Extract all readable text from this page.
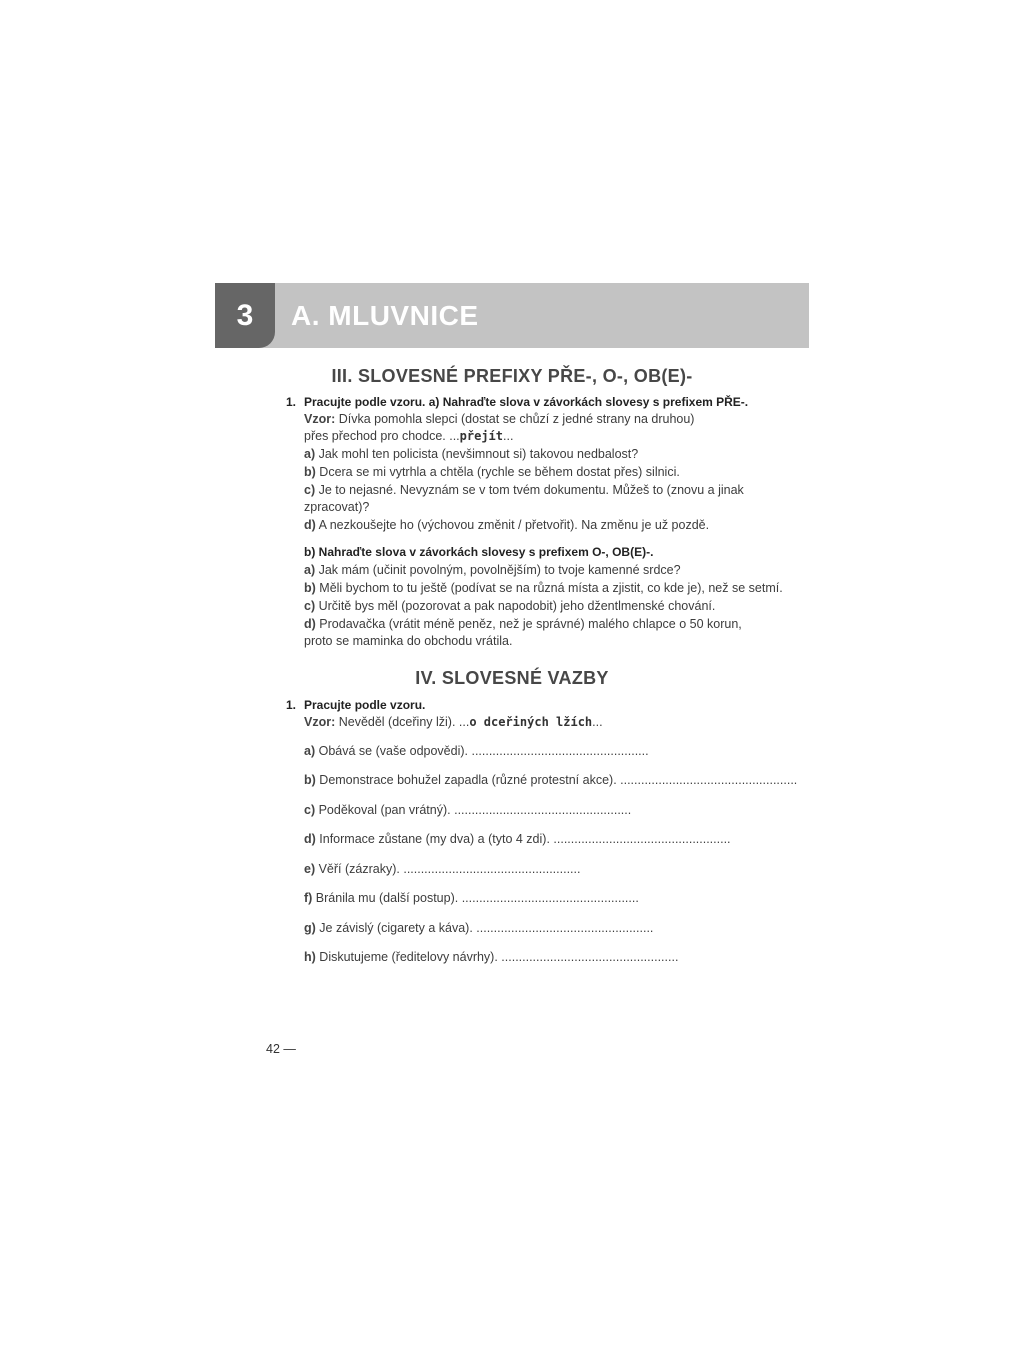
3	A. MLUVNICE
III. SLOVESNÉ PREFIXY PŘE-, O-, OB(E)-
1. Pracujte podle vzoru. a) Nahraďte slova v závorkách slovesy s prefixem PŘE-.
Vzor: Dívka pomohla slepci (dostat se chůzí z jedné strany na druhou)
přes přechod pro chodce. ...přejít...
a) Jak mohl ten policista (nevšimnout si) takovou nedbalost?
b) Dcera se mi vytrhla a chtěla (rychle se během dostat přes) silnici.
c) Je to nejasné. Nevyznám se v tom tvém dokumentu. Můžeš to (znovu a jinak
zpracovat)?
d) A nezkoušejte ho (výchovou změnit / přetvořit). Na změnu je už pozdě.
b) Nahraďte slova v závorkách slovesy s prefixem O-, OB(E)-.
a) Jak mám (učinit povolným, povolnějším) to tvoje kamenné srdce?
b) Měli bychom to tu ještě (podívat se na různá místa a zjistit, co kde je), než se setmí.
c) Určitě bys měl (pozorovat a pak napodobit) jeho džentlmenské chování.
d) Prodavačka (vrátit méně peněz, než je správné) malého chlapce o 50 korun,
proto se maminka do obchodu vrátila.
IV. SLOVESNÉ VAZBY
1. Pracujte podle vzoru.
Vzor: Nevěděl (dceřiny lži). ...o dceřiných lžích...
a) Obává se (vaše odpovědi). ...................................................
b) Demonstrace bohužel zapadla (různé protestní akce). ...................................................
c) Poděkoval (pan vrátný). ...................................................
d) Informace zůstane (my dva) a (tyto 4 zdi). ...................................................
e) Věří (zázraky). ...................................................
f) Bránila mu (další postup). ...................................................
g) Je závislý (cigarety a káva). ...................................................
h) Diskutujeme (ředitelovy návrhy). ...................................................
42 —
